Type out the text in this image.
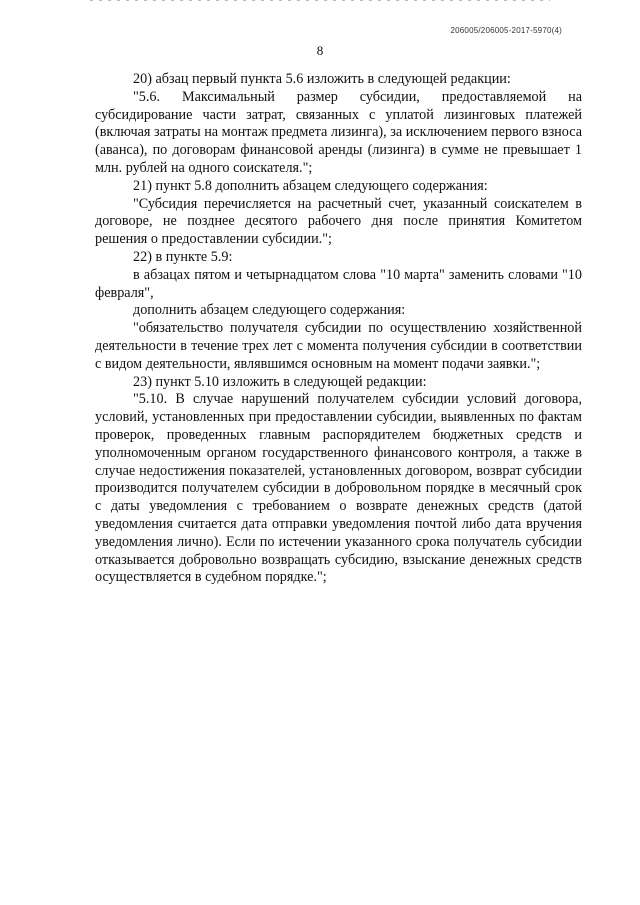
206005/206005-2017-5970(4)
8

20) абзац первый пункта 5.6 изложить в следующей редакции:

"5.6. Максимальный размер субсидии, предоставляемой на субсидирование части затрат, связанных с уплатой лизинговых платежей (включая затраты на монтаж предмета лизинга), за исключением первого взноса (аванса), по договорам финансовой аренды (лизинга) в сумме не превышает 1 млн. рублей на одного соискателя.";

21) пункт 5.8 дополнить абзацем следующего содержания:

"Субсидия перечисляется на расчетный счет, указанный соискателем в договоре, не позднее десятого рабочего дня после принятия Комитетом решения о предоставлении субсидии.";

22) в пункте 5.9:

в абзацах пятом и четырнадцатом слова "10 марта" заменить словами "10 февраля",

дополнить абзацем следующего содержания:

"обязательство получателя субсидии по осуществлению хозяйственной деятельности в течение трех лет с момента получения субсидии в соответствии с видом деятельности, являвшимся основным на момент подачи заявки.";

23) пункт 5.10 изложить в следующей редакции:

"5.10. В случае нарушений получателем субсидии условий договора, условий, установленных при предоставлении субсидии, выявленных по фактам проверок, проведенных главным распорядителем бюджетных средств и уполномоченным органом государственного финансового контроля, а также в случае недостижения показателей, установленных договором, возврат субсидии производится получателем субсидии в добровольном порядке в месячный срок с даты уведомления с требованием о возврате денежных средств (датой уведомления считается дата отправки уведомления почтой либо дата вручения уведомления лично). Если по истечении указанного срока получатель субсидии отказывается добровольно возвращать субсидию, взыскание денежных средств осуществляется в судебном порядке.";
